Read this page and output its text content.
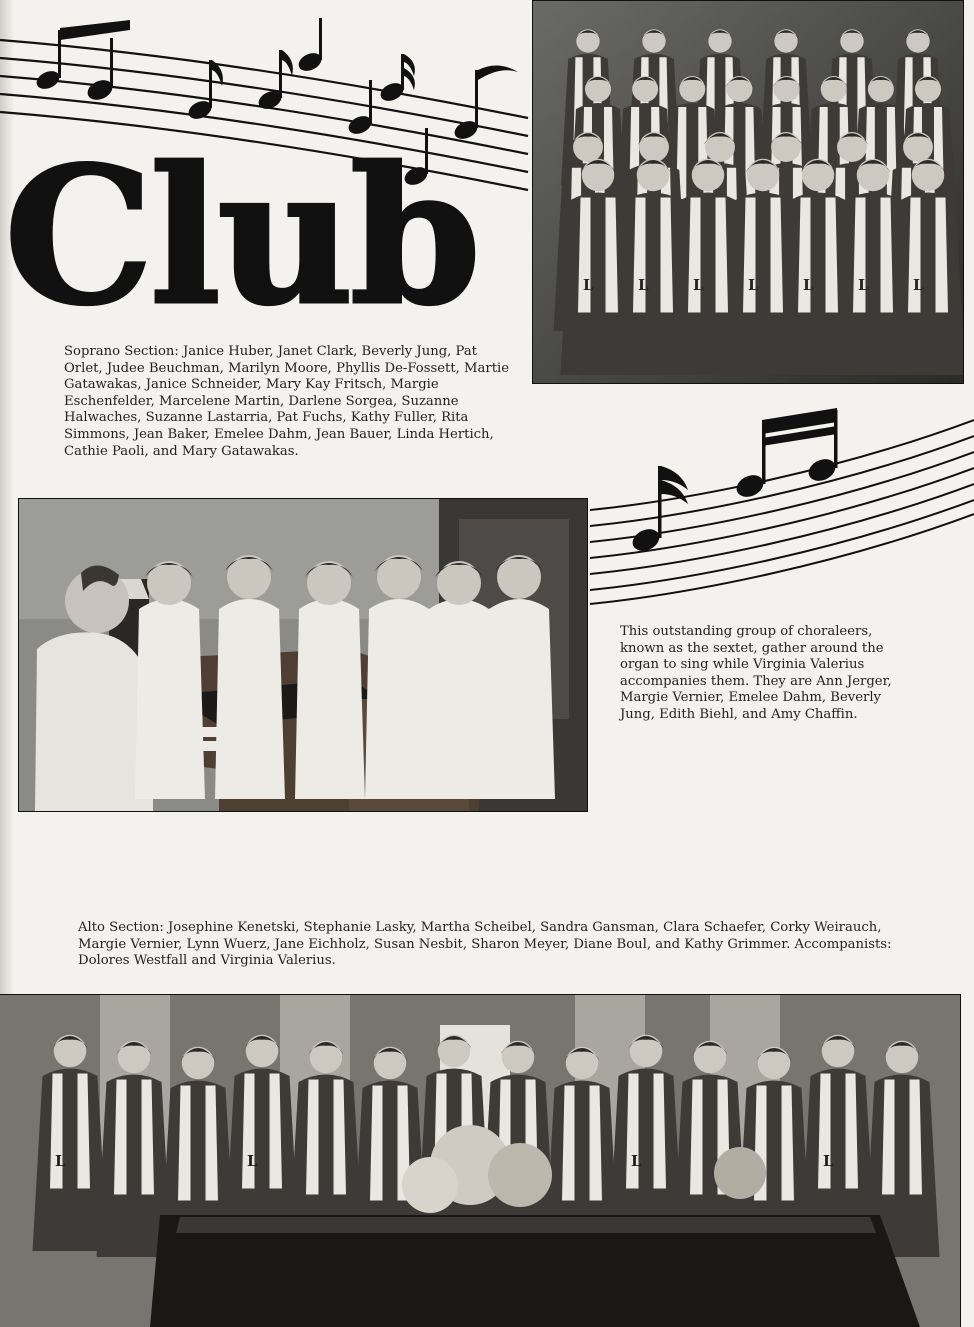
Club	L	L	L	L	L	L	L

Soprano Section: Janice Huber, Janet Clark, Beverly Jung, Pat Orlet, Judee Beuchman, Marilyn Moore, Phyllis De-Fossett, Martie Gatawakas, Janice Schneider, Mary Kay Fritsch, Margie Eschenfelder, Marcelene Martin, Darlene Sorgea, Suzanne Halwaches, Suzanne Lastarria, Pat Fuchs, Kathy Fuller, Rita Simmons, Jean Baker, Emelee Dahm, Jean Bauer, Linda Hertich, Cathie Paoli, and Mary Gatawakas.

This outstanding group of choraleers, known as the sextet, gather around the organ to sing while Virginia Valerius accompanies them. They are Ann Jerger, Margie Vernier, Emelee Dahm, Beverly Jung, Edith Biehl, and Amy Chaffin.

Alto Section: Josephine Kenetski, Stephanie Lasky, Martha Scheibel, Sandra Gansman, Clara Schaefer, Corky Weirauch, Margie Vernier, Lynn Wuerz, Jane Eichholz, Susan Nesbit, Sharon Meyer, Diane Boul, and Kathy Grimmer. Accompanists: Dolores Westfall and Virginia Valerius.

L	L	L	L
